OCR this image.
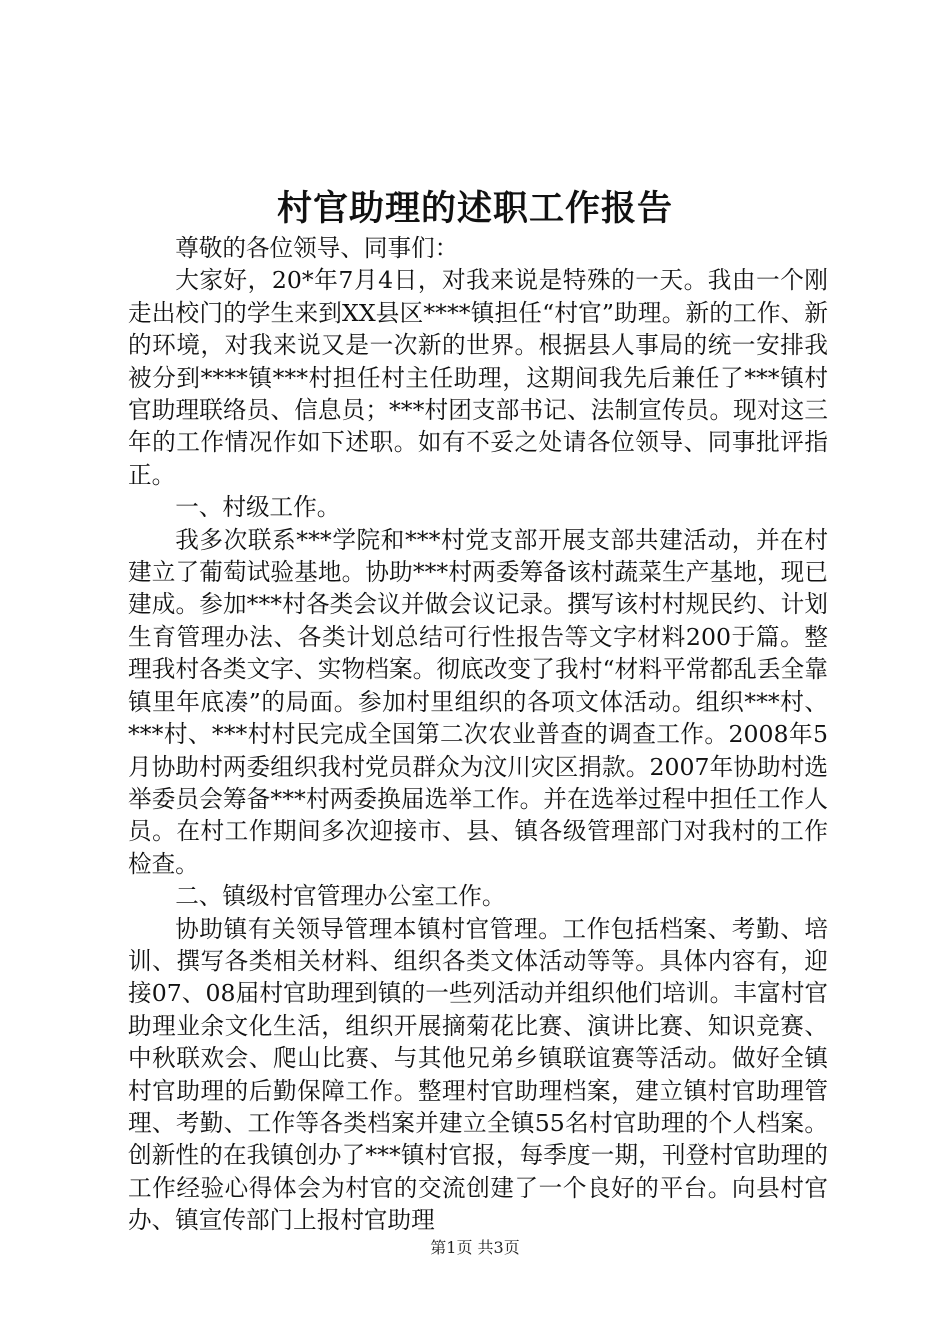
村官助理的述职工作报告

尊敬的各位领导、同事们：

大家好，20*年7月4日，对我来说是特殊的一天。我由一个刚走出校门的学生来到XX县区****镇担任“村官”助理。新的工作、新的环境，对我来说又是一次新的世界。根据县人事局的统一安排我被分到****镇***村担任村主任助理，这期间我先后兼任了***镇村官助理联络员、信息员；***村团支部书记、法制宣传员。现对这三年的工作情况作如下述职。如有不妥之处请各位领导、同事批评指正。

一、村级工作。

我多次联系***学院和***村党支部开展支部共建活动，并在村建立了葡萄试验基地。协助***村两委筹备该村蔬菜生产基地，现已建成。参加***村各类会议并做会议记录。撰写该村村规民约、计划生育管理办法、各类计划总结可行性报告等文字材料200于篇。整理我村各类文字、实物档案。彻底改变了我村“材料平常都乱丢全靠镇里年底凑”的局面。参加村里组织的各项文体活动。组织***村、***村、***村村民完成全国第二次农业普查的调查工作。2008年5月协助村两委组织我村党员群众为汶川灾区捐款。2007年协助村选举委员会筹备***村两委换届选举工作。并在选举过程中担任工作人员。在村工作期间多次迎接市、县、镇各级管理部门对我村的工作检查。

二、镇级村官管理办公室工作。

协助镇有关领导管理本镇村官管理。工作包括档案、考勤、培训、撰写各类相关材料、组织各类文体活动等等。具体内容有，迎接07、08届村官助理到镇的一些列活动并组织他们培训。丰富村官助理业余文化生活，组织开展摘菊花比赛、演讲比赛、知识竞赛、中秋联欢会、爬山比赛、与其他兄弟乡镇联谊赛等活动。做好全镇村官助理的后勤保障工作。整理村官助理档案，建立镇村官助理管理、考勤、工作等各类档案并建立全镇55名村官助理的个人档案。创新性的在我镇创办了***镇村官报，每季度一期，刊登村官助理的工作经验心得体会为村官的交流创建了一个良好的平台。向县村官办、镇宣传部门上报村官助理

第1页 共3页
